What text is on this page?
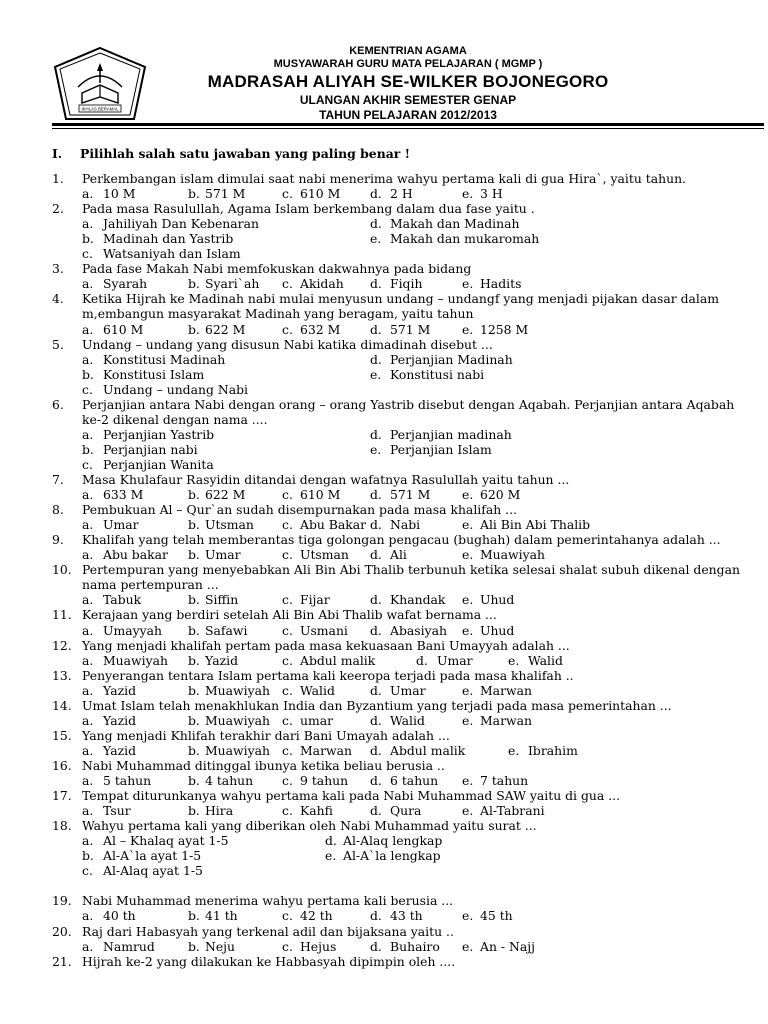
IKHLAS BERAMAL
KEMENTRIAN AGAMA
MUSYAWARAH GURU MATA PELAJARAN ( MGMP )
MADRASAH ALIYAH SE-WILKER BOJONEGORO
ULANGAN AKHIR SEMESTER GENAP
TAHUN PELAJARAN 2012/2013
I. Pilihlah salah satu jawaban yang paling benar !
1. Perkembangan islam dimulai saat nabi menerima wahyu pertama kali di gua Hira`, yaitu tahun.
a. 10 M	b. 571 M	c. 610 M d. 2 H	e. 3 H
2. Pada masa Rasulullah, Agama Islam berkembang dalam dua fase yaitu .
a. Jahiliyah Dan Kebenaran	d. Makah dan Madinah
b. Madinah dan Yastrib	e. Makah dan mukaromah
c. Watsaniyah dan Islam
3. Pada fase Makah Nabi memfokuskan dakwahnya pada bidang
a. Syarah	b. Syari`ah c. Akidah d. Fiqih	e. Hadits
4. Ketika Hijrah ke Madinah nabi mulai menyusun undang – undangf yang menjadi pijakan dasar dalam
m,embangun masyarakat Madinah yang beragam, yaitu tahun
a. 610 M	b. 622 M	c. 632 M d. 571 M	e. 1258 M
5. Undang – undang yang disusun Nabi katika dimadinah disebut ...
a. Konstitusi Madinah	d. Perjanjian Madinah
b. Konstitusi Islam	e. Konstitusi nabi
c. Undang – undang Nabi
6. Perjanjian antara Nabi dengan orang – orang Yastrib disebut dengan Aqabah. Perjanjian antara Aqabah
ke-2 dikenal dengan nama ....
a. Perjanjian Yastrib	d. Perjanjian madinah
b. Perjanjian nabi	e. Perjanjian Islam
c. Perjanjian Wanita
7. Masa Khulafaur Rasyidin ditandai dengan wafatnya Rasulullah yaitu tahun ...
a. 633 M	b. 622 M	c. 610 M d. 571 M	e. 620 M
8. Pembukuan Al – Qur`an sudah disempurnakan pada masa khalifah ...
a. Umar	b. Utsman c. Abu Bakar d. Nabi	e. Ali Bin Abi Thalib
9. Khalifah yang telah memberantas tiga golongan pengacau (bughah) dalam pemerintahanya adalah ...
a. Abu bakar b. Umar	c. Utsman d. Ali	e. Muawiyah
10. Pertempuran yang menyebabkan Ali Bin Abi Thalib terbunuh ketika selesai shalat subuh dikenal dengan
nama pertempuran ...
a. Tabuk	b. Siffin	c. Fijar	d. Khandak e. Uhud
11. Kerajaan yang berdiri setelah Ali Bin Abi Thalib wafat bernama ...
a. Umayyah b. Safawi	c. Usmani d. Abasiyah e. Uhud
12. Yang menjadi khalifah pertam pada masa kekuasaan Bani Umayyah adalah ...
a. Muawiyah b. Yazid	c. Abdul malik	d. Umar	e. Walid
13. Penyerangan tentara Islam pertama kali keeropa terjadi pada masa khalifah ..
a. Yazid	b. Muawiyah c. Walid	d. Umar	e. Marwan
14. Umat Islam telah menakhlukan India dan Byzantium yang terjadi pada masa pemerintahan ...
a. Yazid	b. Muawiyah c. umar	d. Walid	e. Marwan
15. Yang menjadi Khlifah terakhir dari Bani Umayah adalah ...
a. Yazid	b. Muawiyah c. Marwan d. Abdul malik	e. Ibrahim
16. Nabi Muhammad ditinggal ibunya ketika beliau berusia ..
a. 5 tahun	b. 4 tahun c. 9 tahun d. 6 tahun e. 7 tahun
17. Tempat diturunkanya wahyu pertama kali pada Nabi Muhammad SAW yaitu di gua ...
a. Tsur	b. Hira	c. Kahfi	d. Qura	e. Al-Tabrani
18. Wahyu pertama kali yang diberikan oleh Nabi Muhammad yaitu surat ...
a. Al – Khalaq ayat 1-5	d. Al-Alaq lengkap
b. Al-A`la ayat 1-5	e. Al-A`la lengkap
c. Al-Alaq ayat 1-5
19. Nabi Muhammad menerima wahyu pertama kali berusia ...
a. 40 th	b. 41 th	c. 42 th	d. 43 th	e. 45 th
20. Raj dari Habasyah yang terkenal adil dan bijaksana yaitu ..
a. Namrud	b. Neju	c. Hejus	d. Buhairo e. An - Najj
21. Hijrah ke-2 yang dilakukan ke Habbasyah dipimpin oleh ....
